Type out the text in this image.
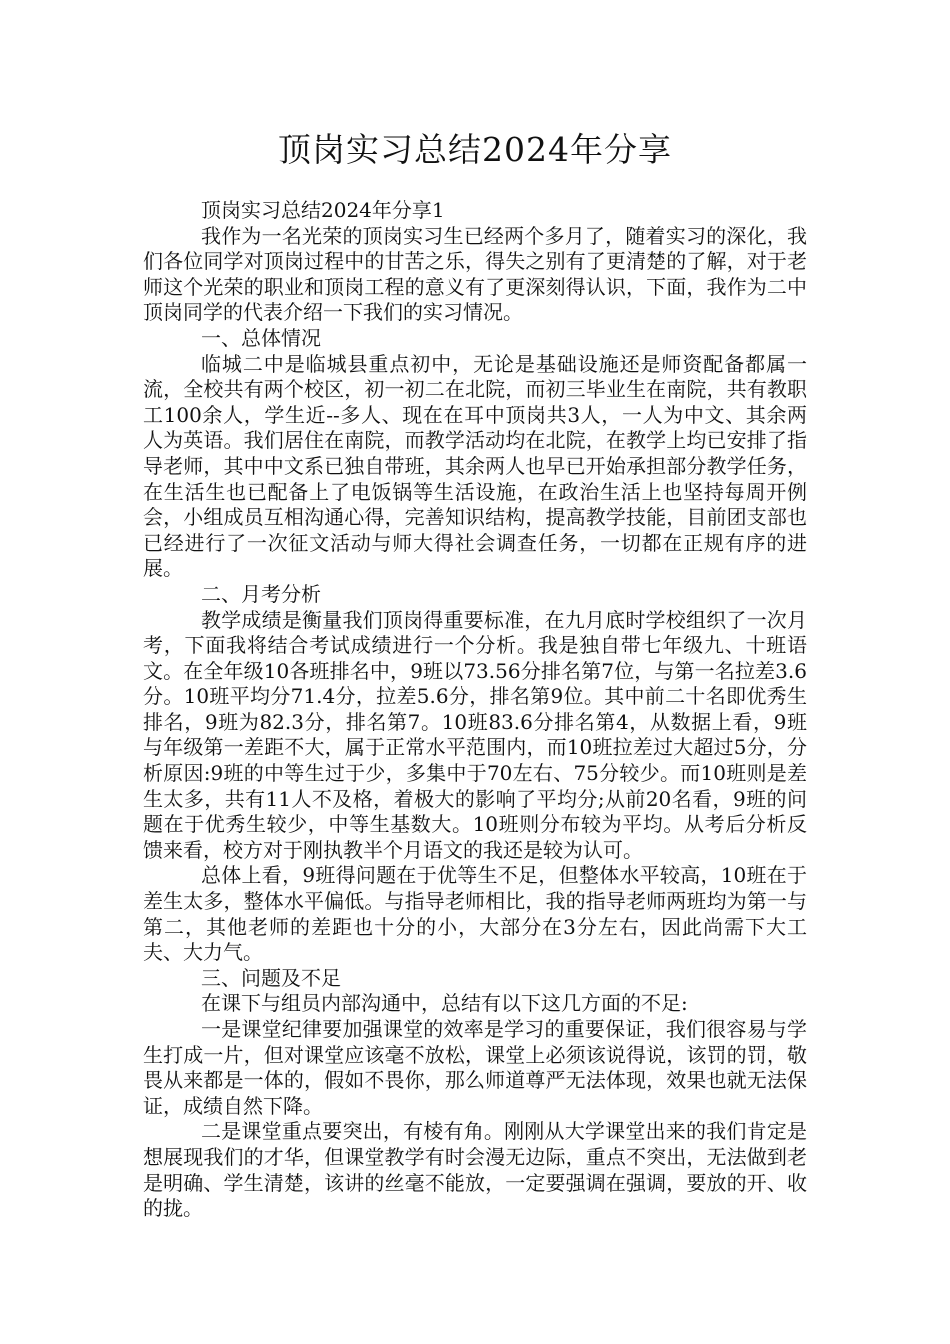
顶岗实习总结2024年分享

顶岗实习总结2024年分享1

我作为一名光荣的顶岗实习生已经两个多月了，随着实习的深化，我们各位同学对顶岗过程中的甘苦之乐，得失之别有了更清楚的了解，对于老师这个光荣的职业和顶岗工程的意义有了更深刻得认识，下面，我作为二中顶岗同学的代表介绍一下我们的实习情况。

一、总体情况

临城二中是临城县重点初中，无论是基础设施还是师资配备都属一流，全校共有两个校区，初一初二在北院，而初三毕业生在南院，共有教职工100余人，学生近--多人、现在在耳中顶岗共3人，一人为中文、其余两人为英语。我们居住在南院，而教学活动均在北院，在教学上均已安排了指导老师，其中中文系已独自带班，其余两人也早已开始承担部分教学任务，在生活生也已配备上了电饭锅等生活设施，在政治生活上也坚持每周开例会，小组成员互相沟通心得，完善知识结构，提高教学技能，目前团支部也已经进行了一次征文活动与师大得社会调查任务，一切都在正规有序的进展。

二、月考分析

教学成绩是衡量我们顶岗得重要标准，在九月底时学校组织了一次月考，下面我将结合考试成绩进行一个分析。我是独自带七年级九、十班语文。在全年级10各班排名中，9班以73.56分排名第7位，与第一名拉差3.6分。10班平均分71.4分，拉差5.6分，排名第9位。其中前二十名即优秀生排名，9班为82.3分，排名第7。10班83.6分排名第4，从数据上看，9班与年级第一差距不大，属于正常水平范围内，而10班拉差过大超过5分，分析原因:9班的中等生过于少，多集中于70左右、75分较少。而10班则是差生太多，共有11人不及格，着极大的影响了平均分;从前20名看，9班的问题在于优秀生较少，中等生基数大。10班则分布较为平均。从考后分析反馈来看，校方对于刚执教半个月语文的我还是较为认可。

总体上看，9班得问题在于优等生不足，但整体水平较高，10班在于差生太多，整体水平偏低。与指导老师相比，我的指导老师两班均为第一与第二，其他老师的差距也十分的小，大部分在3分左右，因此尚需下大工夫、大力气。

三、问题及不足

在课下与组员内部沟通中，总结有以下这几方面的不足:

一是课堂纪律要加强课堂的效率是学习的重要保证，我们很容易与学生打成一片，但对课堂应该毫不放松，课堂上必须该说得说，该罚的罚，敬畏从来都是一体的，假如不畏你，那么师道尊严无法体现，效果也就无法保证，成绩自然下降。

二是课堂重点要突出，有棱有角。刚刚从大学课堂出来的我们肯定是想展现我们的才华，但课堂教学有时会漫无边际，重点不突出，无法做到老是明确、学生清楚，该讲的丝毫不能放，一定要强调在强调，要放的开、收的拢。
